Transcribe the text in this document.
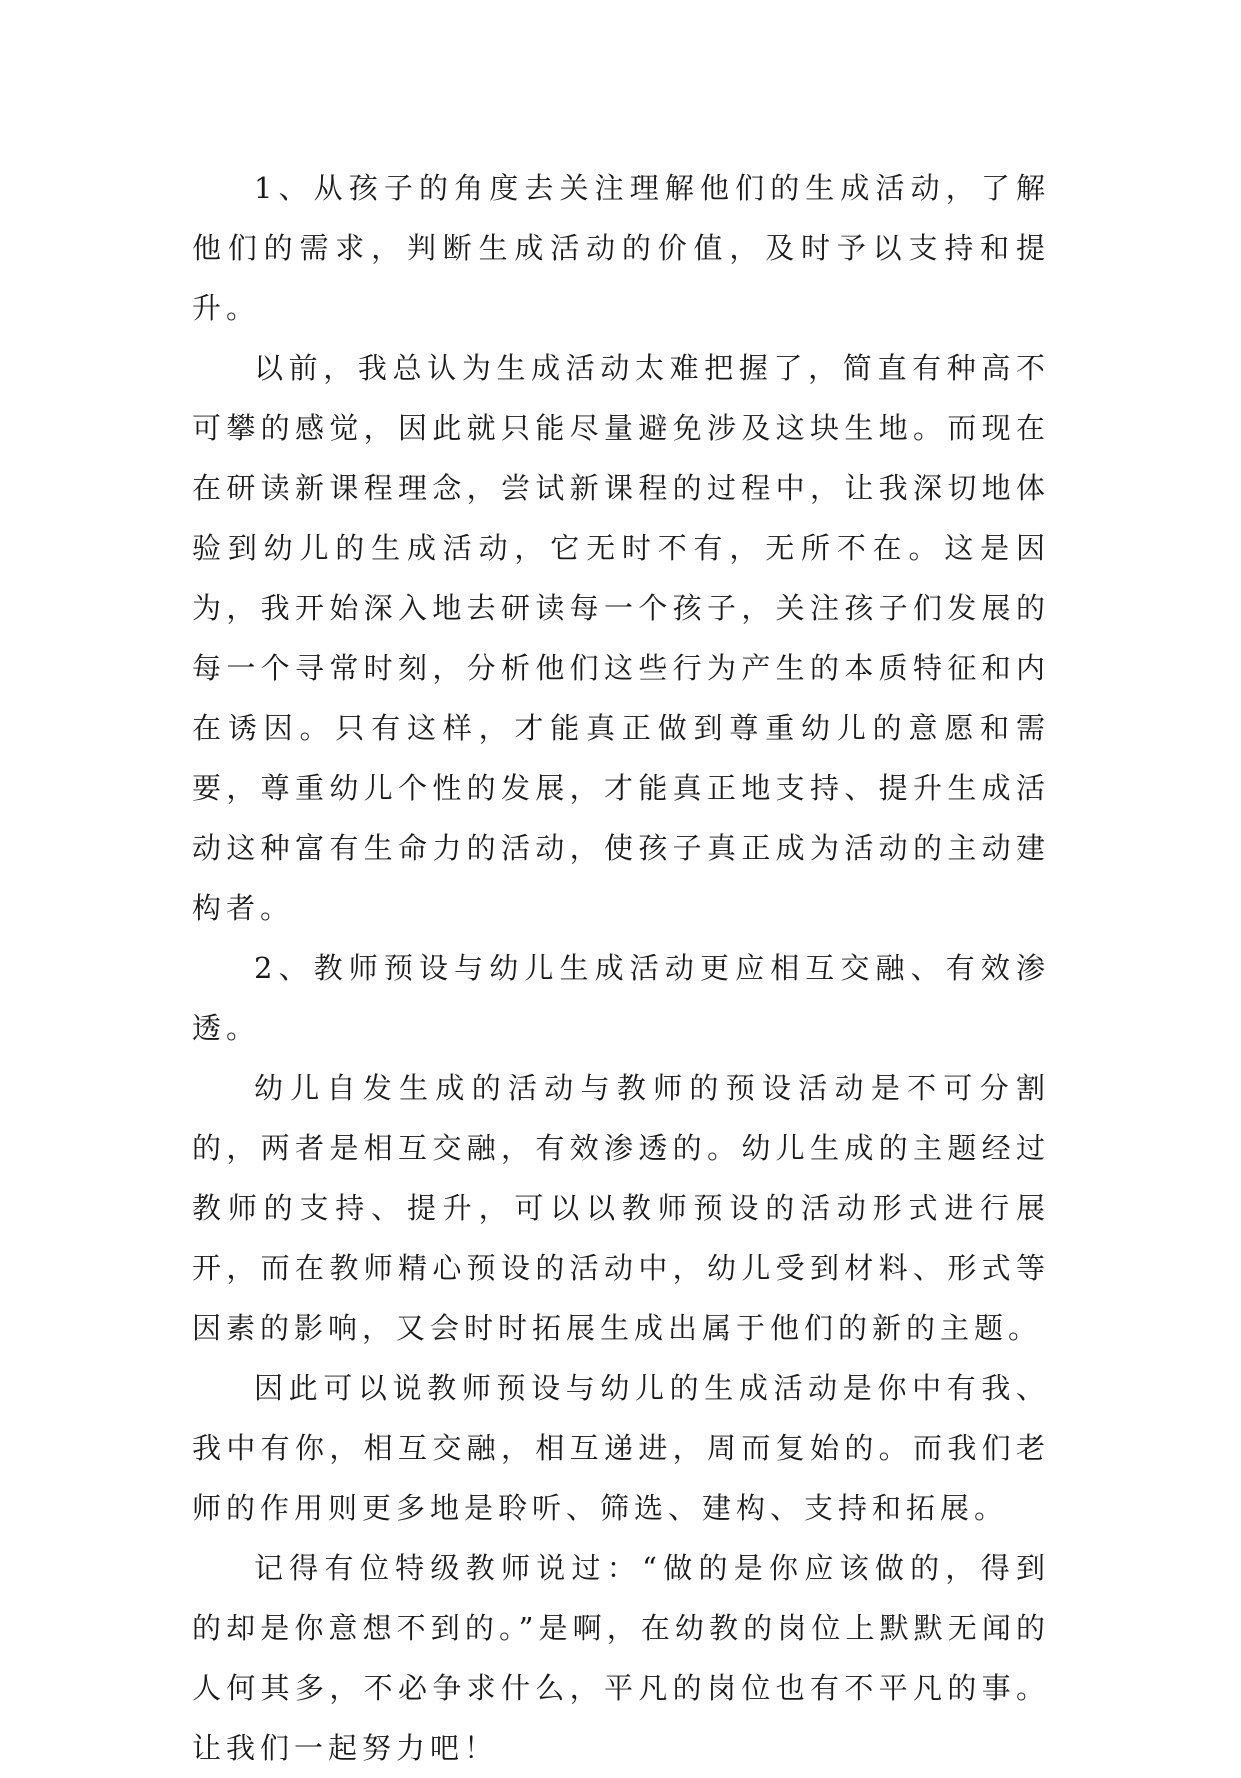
1、从孩子的角度去关注理解他们的生成活动，了解他们的需求，判断生成活动的价值，及时予以支持和提升。

以前，我总认为生成活动太难把握了，简直有种高不可攀的感觉，因此就只能尽量避免涉及这块生地。而现在在研读新课程理念，尝试新课程的过程中，让我深切地体验到幼儿的生成活动，它无时不有，无所不在。这是因为，我开始深入地去研读每一个孩子，关注孩子们发展的每一个寻常时刻，分析他们这些行为产生的本质特征和内在诱因。只有这样，才能真正做到尊重幼儿的意愿和需要，尊重幼儿个性的发展，才能真正地支持、提升生成活动这种富有生命力的活动，使孩子真正成为活动的主动建构者。

2、教师预设与幼儿生成活动更应相互交融、有效渗透。

幼儿自发生成的活动与教师的预设活动是不可分割的，两者是相互交融，有效渗透的。幼儿生成的主题经过教师的支持、提升，可以以教师预设的活动形式进行展开，而在教师精心预设的活动中，幼儿受到材料、形式等因素的影响，又会时时拓展生成出属于他们的新的主题。

因此可以说教师预设与幼儿的生成活动是你中有我、我中有你，相互交融，相互递进，周而复始的。而我们老师的作用则更多地是聆听、筛选、建构、支持和拓展。

记得有位特级教师说过：“做的是你应该做的，得到的却是你意想不到的。”是啊，在幼教的岗位上默默无闻的人何其多，不必争求什么，平凡的岗位也有不平凡的事。让我们一起努力吧！
